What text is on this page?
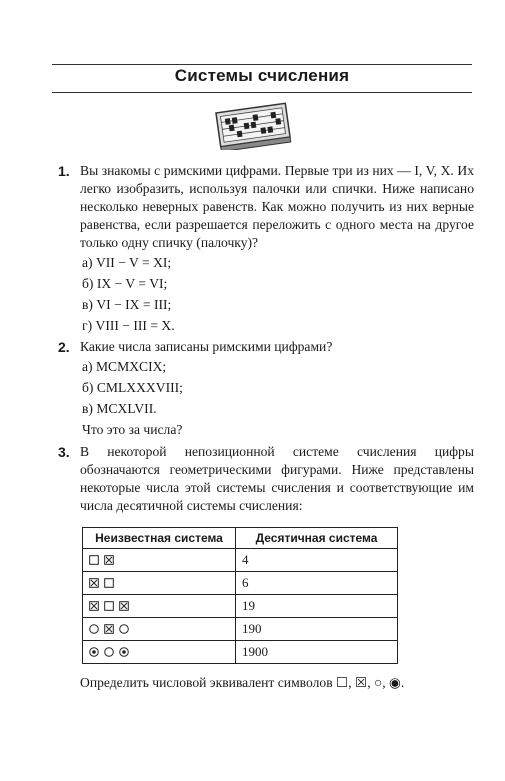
Системы счисления
1. Вы знакомы с римскими цифрами. Первые три из них — I, V, X. Их легко изобразить, используя палочки или спички. Ниже написано несколько неверных равенств. Как можно получить из них верные равенства, если разрешается переложить с одного места на другое только одну спичку (палочку)?

а) VII − V = XI;

б) IX − V = VI;

в) VI − IX = III;

г) VIII − III = X.

2. Какие числа записаны римскими цифрами?

а) MCMXCIX;

б) CMLXXXVIII;

в) MCXLVII.

Что это за числа?

3. В некоторой непозиционной системе счисления цифры обозначаются геометрическими фигурами. Ниже представлены некоторые числа этой системы счисления и соответствующие им числа десятичной системы счисления:

Неизвестная система	Десятичная система
	4
	6
	19
	190
	1900

Определить числовой эквивалент символов ☐, ☒, ○, ◉.
